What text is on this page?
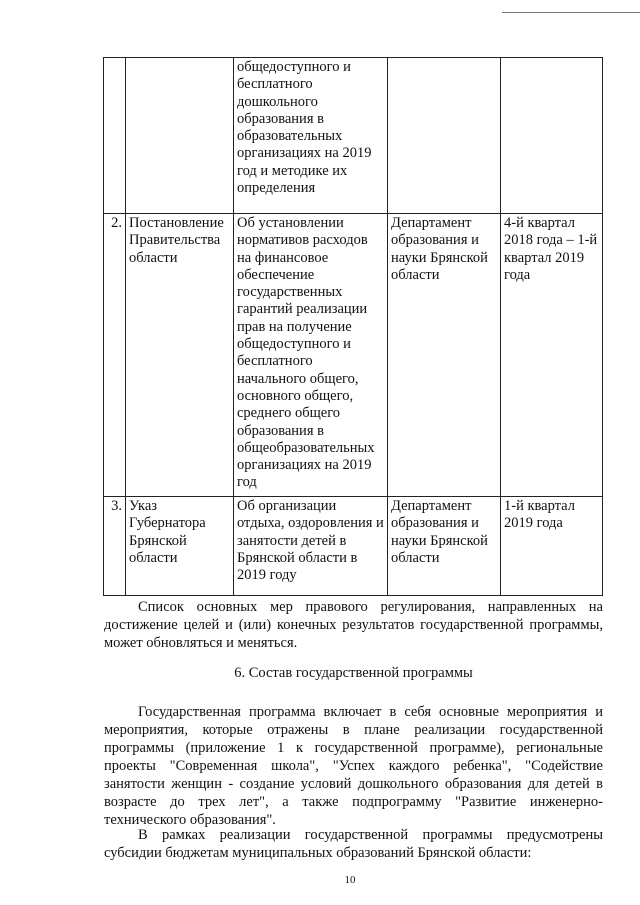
		общедоступного и бесплатного дошкольного образования в образовательных организациях на 2019 год и методике их определения		
2.	Постановление Правительства области	Об установлении нормативов расходов на финансовое обеспечение государственных гарантий реализации прав на получение общедоступного и бесплатного начального общего, основного общего, среднего общего образования в общеобразовательных организациях на 2019 год	Департамент образования и науки Брянской области	4-й квартал 2018 года – 1-й квартал 2019 года
3.	Указ Губернатора Брянской области	Об организации отдыха, оздоровления и занятости детей в Брянской области в 2019 году	Департамент образования и науки Брянской области	1-й квартал 2019 года

Список основных мер правового регулирования, направленных на достижение целей и (или) конечных результатов государственной программы, может обновляться и меняться.

6. Состав государственной программы

Государственная программа включает в себя основные мероприятия и мероприятия, которые отражены в плане реализации государственной программы (приложение 1 к государственной программе), региональные проекты "Современная школа", "Успех каждого ребенка", "Содействие занятости женщин - создание условий дошкольного образования для детей в возрасте до трех лет", а также подпрограмму "Развитие инженерно-технического образования".

В рамках реализации государственной программы предусмотрены субсидии бюджетам муниципальных образований Брянской области:

10
